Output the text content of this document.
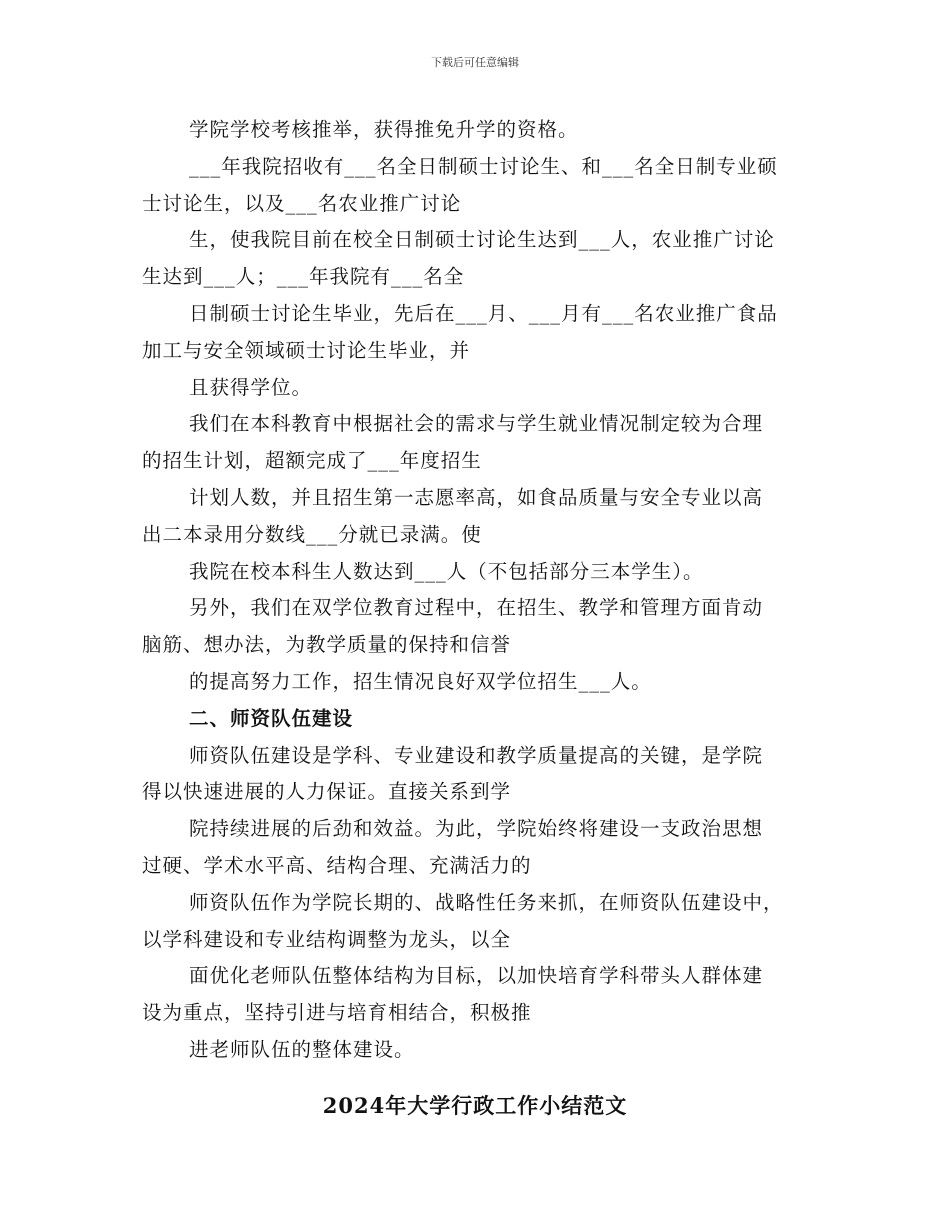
下载后可任意编辑
学院学校考核推举，获得推免升学的资格。
___年我院招收有___名全日制硕士讨论生、和___名全日制专业硕
士讨论生，以及___名农业推广讨论
生，使我院目前在校全日制硕士讨论生达到___人，农业推广讨论
生达到___人；___年我院有___名全
日制硕士讨论生毕业，先后在___月、___月有___名农业推广食品
加工与安全领域硕士讨论生毕业，并
且获得学位。
我们在本科教育中根据社会的需求与学生就业情况制定较为合理
的招生计划，超额完成了___年度招生
计划人数，并且招生第一志愿率高，如食品质量与安全专业以高
出二本录用分数线___分就已录满。使
我院在校本科生人数达到___人（不包括部分三本学生）。
另外，我们在双学位教育过程中，在招生、教学和管理方面肯动
脑筋、想办法，为教学质量的保持和信誉
的提高努力工作，招生情况良好双学位招生___人。
二、师资队伍建设
师资队伍建设是学科、专业建设和教学质量提高的关键，是学院
得以快速进展的人力保证。直接关系到学
院持续进展的后劲和效益。为此，学院始终将建设一支政治思想
过硬、学术水平高、结构合理、充满活力的
师资队伍作为学院长期的、战略性任务来抓，在师资队伍建设中，
以学科建设和专业结构调整为龙头，以全
面优化老师队伍整体结构为目标，以加快培育学科带头人群体建
设为重点，坚持引进与培育相结合，积极推
进老师队伍的整体建设。
2024年大学行政工作小结范文
